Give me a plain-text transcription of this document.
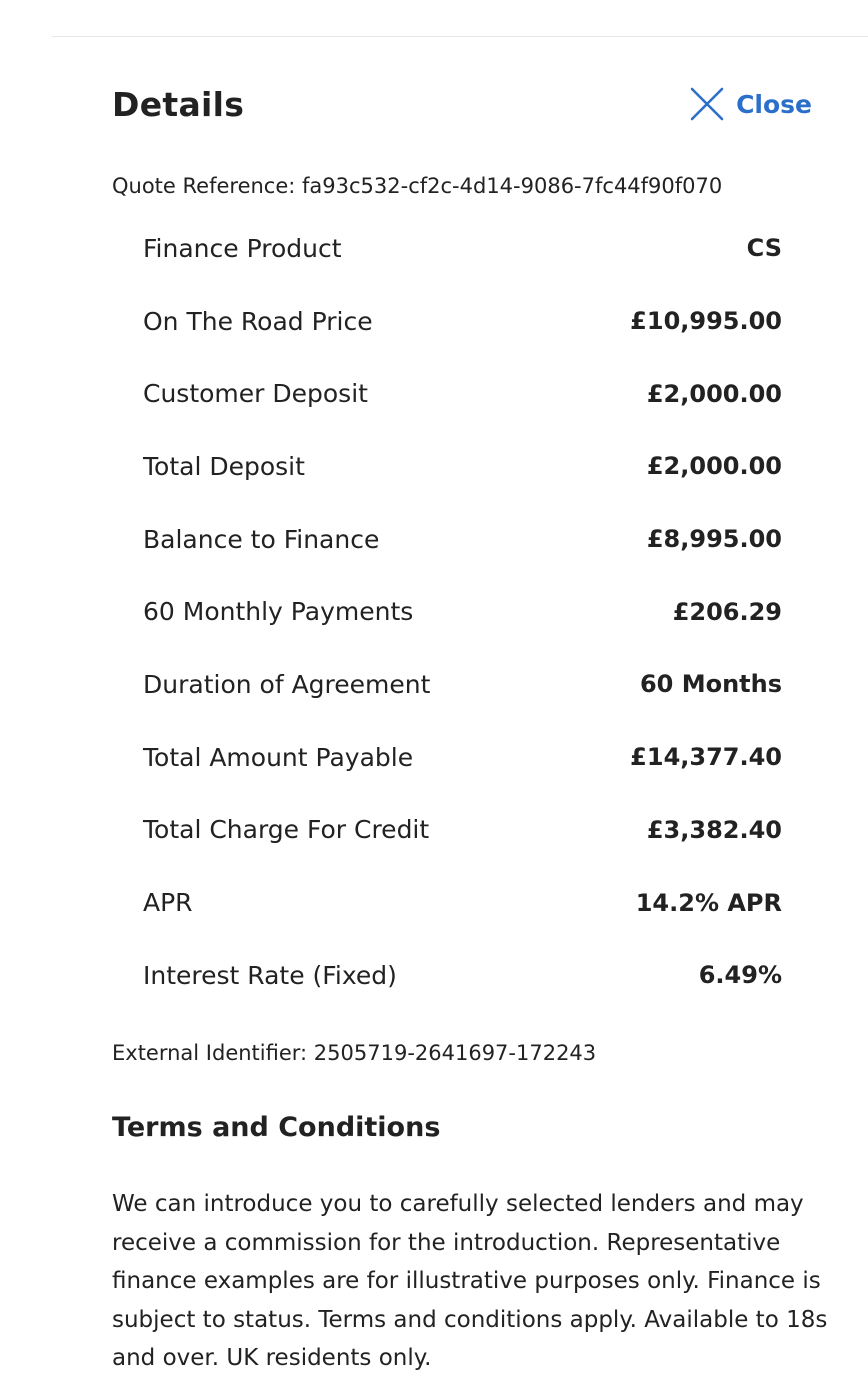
Details	Close
Quote Reference: fa93c532-cf2c-4d14-9086-7fc44f90f070
Finance Product	CS
On The Road Price	£10,995.00
Customer Deposit	£2,000.00
Total Deposit	£2,000.00
Balance to Finance	£8,995.00
60 Monthly Payments	£206.29
Duration of Agreement	60 Months
Total Amount Payable	£14,377.40
Total Charge For Credit	£3,382.40
APR	14.2% APR
Interest Rate (Fixed)	6.49%
External Identifier: 2505719-2641697-172243
Terms and Conditions
We can introduce you to carefully selected lenders and may receive a commission for the introduction. Representative finance examples are for illustrative purposes only. Finance is subject to status. Terms and conditions apply. Available to 18s and over. UK residents only.
